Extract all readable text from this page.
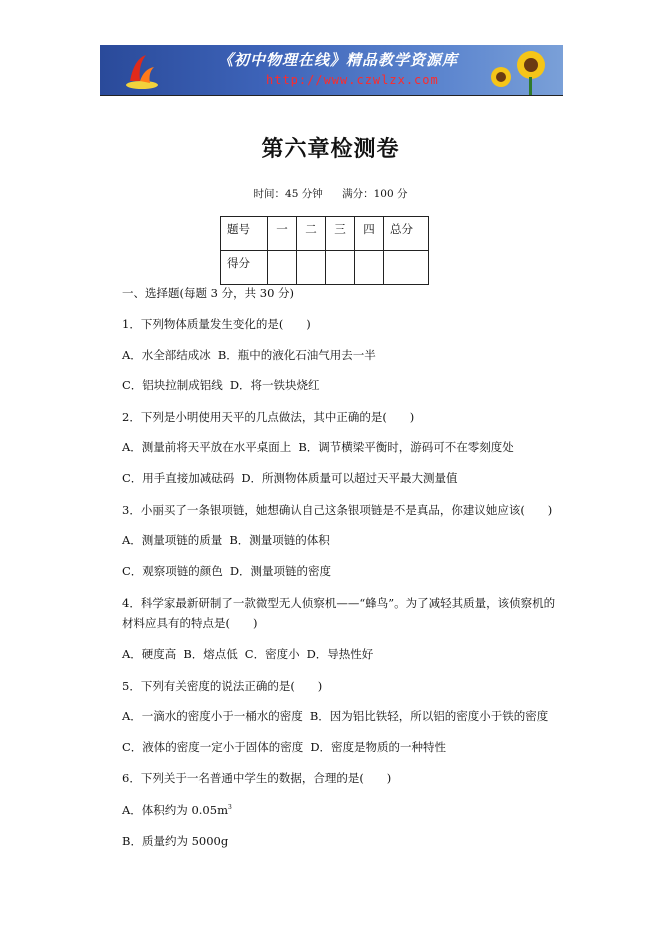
《初中物理在线》精品教学资源库
http://www.czwlzx.com
第六章检测卷
时间：45 分钟 满分：100 分
题号	一	二	三	四	总分
得分					
一、选择题(每题 3 分，共 30 分)
1．下列物体质量发生变化的是(　　)
A．水全部结成冰 B．瓶中的液化石油气用去一半
C．铝块拉制成铝线 D．将一铁块烧红
2．下列是小明使用天平的几点做法，其中正确的是(　　)
A．测量前将天平放在水平桌面上 B．调节横梁平衡时，游码可不在零刻度处
C．用手直接加减砝码 D．所测物体质量可以超过天平最大测量值
3．小丽买了一条银项链，她想确认自己这条银项链是不是真品，你建议她应该(　　)
A．测量项链的质量 B．测量项链的体积
C．观察项链的颜色 D．测量项链的密度
4．科学家最新研制了一款微型无人侦察机——“蜂鸟”。为了减轻其质量，该侦察机的
材料应具有的特点是(　　)
A．硬度高 B．熔点低 C．密度小 D．导热性好
5．下列有关密度的说法正确的是(　　)
A．一滴水的密度小于一桶水的密度 B．因为铝比铁轻，所以铝的密度小于铁的密度
C．液体的密度一定小于固体的密度 D．密度是物质的一种特性
6．下列关于一名普通中学生的数据，合理的是(　　)
A．体积约为 $0.05m^3$
B．质量约为 5000g
